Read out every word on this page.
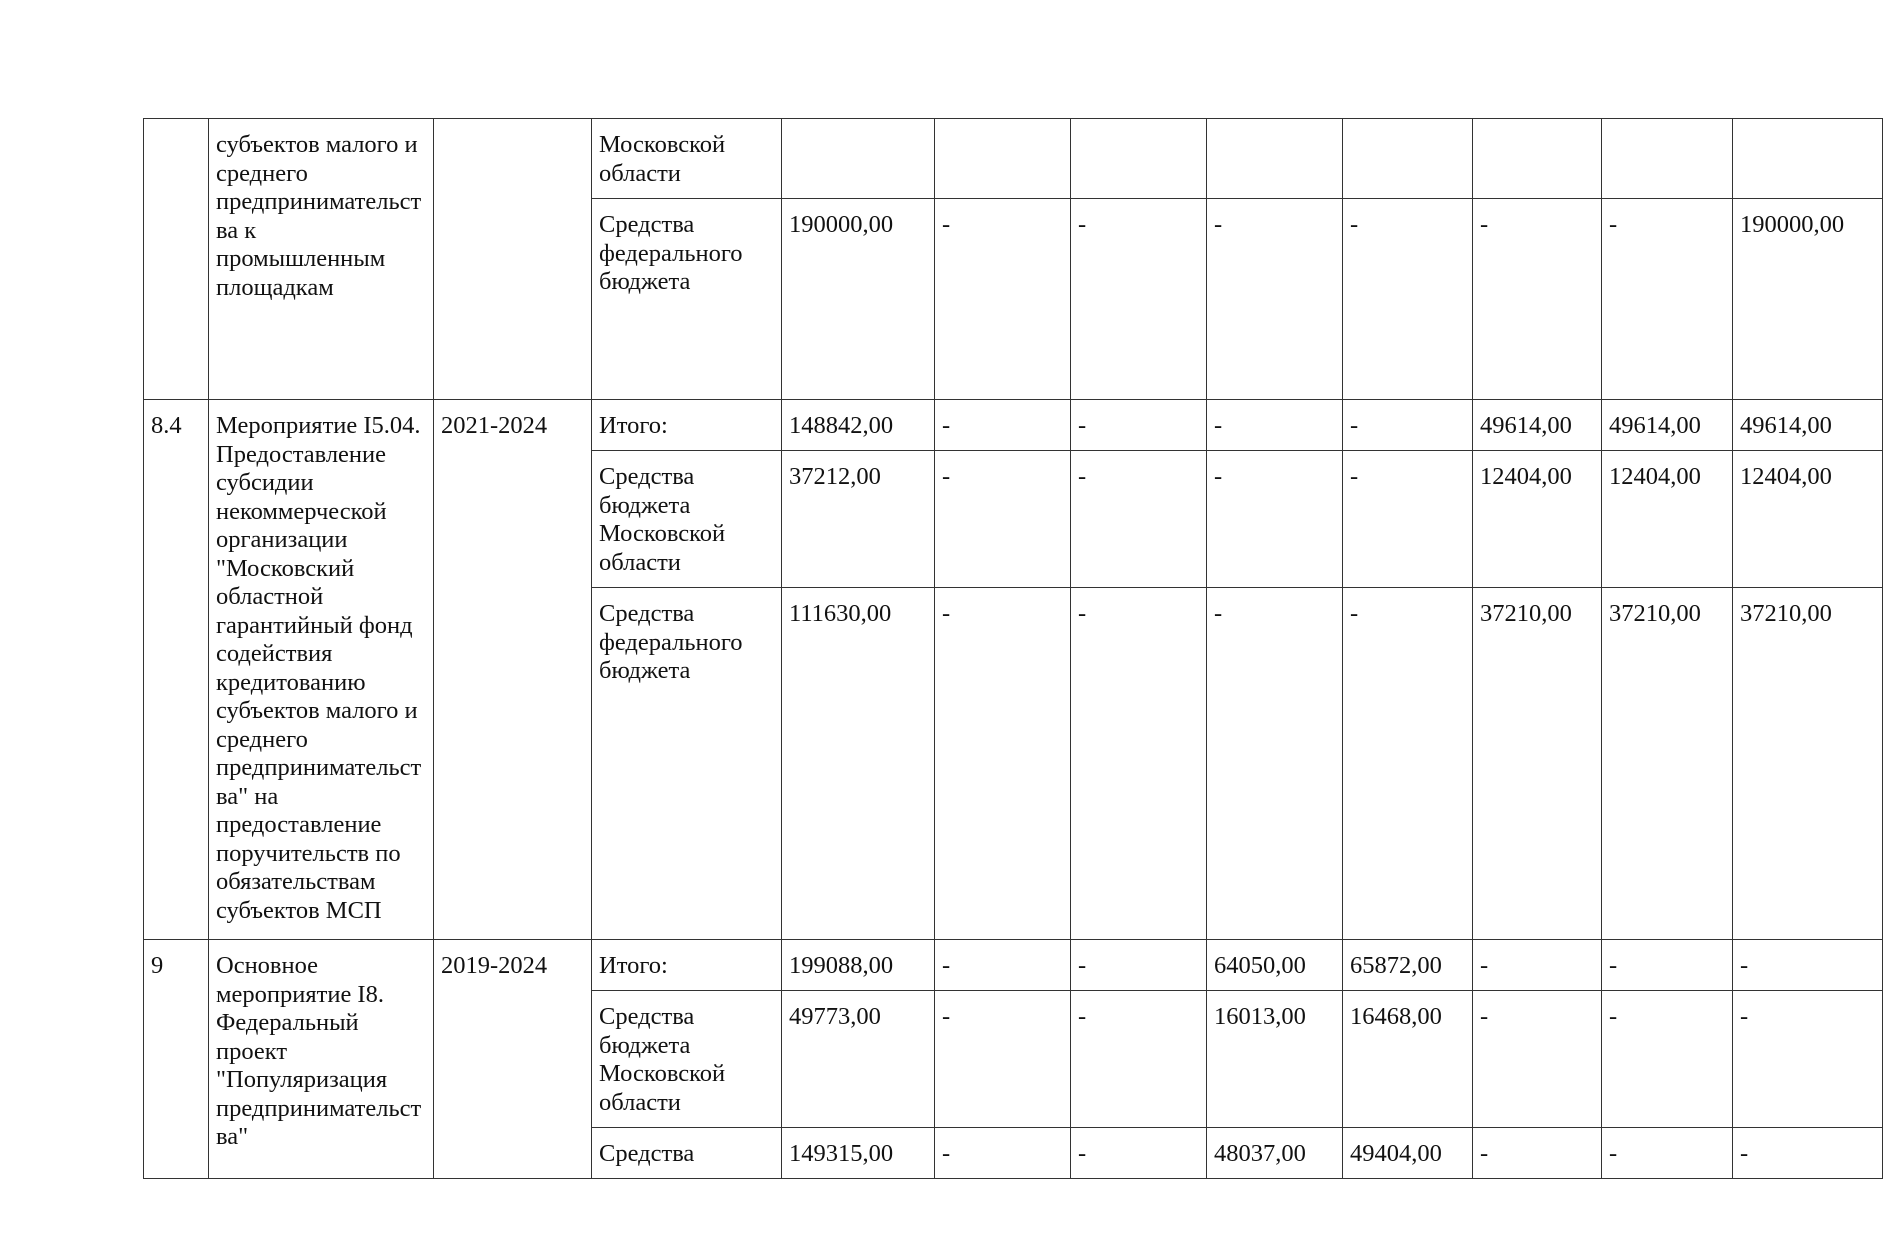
	субъектов малого и среднего предпринимательства к промышленным площадкам		Московской области								
			Средства федерального бюджета	190000,00	-	-	-	-	-	-	190000,00
8.4	Мероприятие I5.04. Предоставление субсидии некоммерческой организации "Московский областной гарантийный фонд содействия кредитованию субъектов малого и среднего предпринимательства" на предоставление поручительств по обязательствам субъектов МСП	2021-2024	Итого:	148842,00	-	-	-	-	49614,00	49614,00	49614,00
			Средства бюджета Московской области	37212,00	-	-	-	-	12404,00	12404,00	12404,00
			Средства федерального бюджета	111630,00	-	-	-	-	37210,00	37210,00	37210,00
9	Основное мероприятие I8. Федеральный проект "Популяризация предпринимательства"	2019-2024	Итого:	199088,00	-	-	64050,00	65872,00	-	-	-
			Средства бюджета Московской области	49773,00	-	-	16013,00	16468,00	-	-	-
			Средства	149315,00	-	-	48037,00	49404,00	-	-	-
